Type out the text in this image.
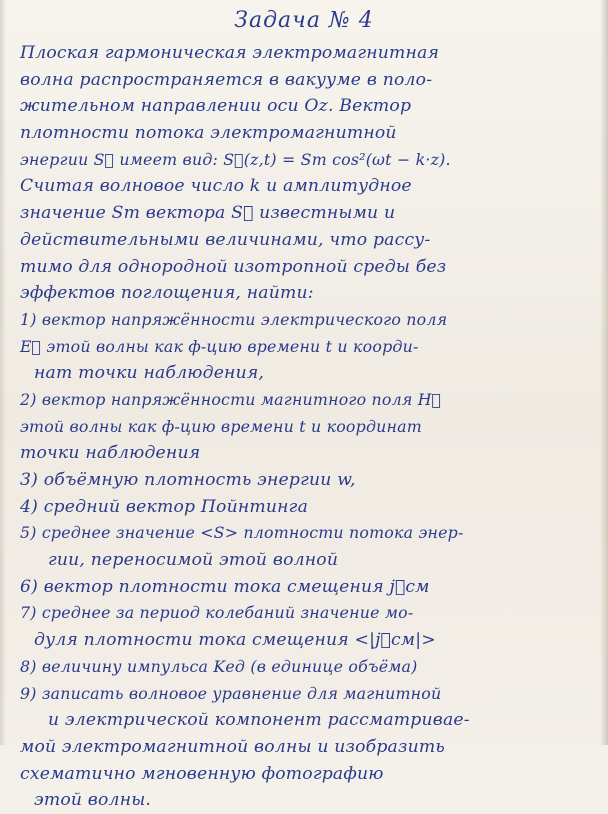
Задача № 4
Плоская гармоническая электромагнитная
волна распространяется в вакууме в поло-
жительном направлении оси Oz. Вектор
плотности потока электромагнитной
энергии S⃗ имеет вид: S⃗(z,t) = Sm cos²(ωt − k·z).
Считая волновое число k и амплитудное
значение Sm вектора S⃗ известными и
действительными величинами, что рассу-
тимо для однородной изотропной среды без
эффектов поглощения, найти:
1) вектор напряжённости электрического поля
E⃗ этой волны как ф-цию времени t и коорди-
нат точки наблюдения,
2) вектор напряжённости магнитного поля H⃗
этой волны как ф-цию времени t и координат
точки наблюдения
3) объёмную плотность энергии w,
4) средний вектор Пойнтинга
5) среднее значение <S> плотности потока энер-
гии, переносимой этой волной
6) вектор плотности тока смещения j⃗см
7) среднее за период колебаний значение мо-
дуля плотности тока смещения <|j⃗см|>
8) величину импульса Kед (в единице объёма)
9) записать волновое уравнение для магнитной
и электрической компонент рассматривае-
мой электромагнитной волны и изобразить
схематично мгновенную фотографию
этой волны.
